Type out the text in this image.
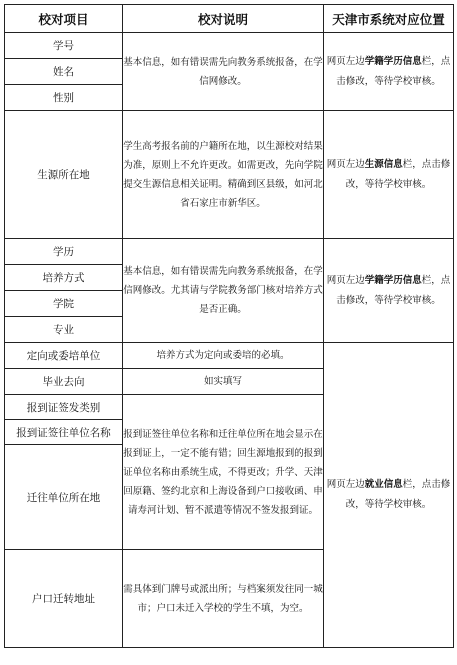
校对项目	校对说明	天津市系统对应位置
学号	基本信息，如有错误需先向教务系统报备，在学信网修改。	网页左边学籍学历信息栏，点击修改，等待学校审核。
姓名		
性别		
生源所在地	学生高考报名前的户籍所在地，以生源校对结果为准，原则上不允许更改。如需更改，先向学院提交生源信息相关证明。精确到区县级，如河北省石家庄市新华区。	网页左边生源信息栏，点击修改，等待学校审核。
学历	基本信息，如有错误需先向教务系统报备，在学信网修改。尤其请与学院教务部门核对培养方式是否正确。	网页左边学籍学历信息栏，点击修改，等待学校审核。
培养方式		
学院		
专业		
定向或委培单位	培养方式为定向或委培的必填。	网页左边就业信息栏，点击修改，等待学校审核。
毕业去向	如实填写	
报到证签发类别	报到证签往单位名称和迁往单位所在地会显示在报到证上，一定不能有错；回生源地报到的报到证单位名称由系统生成，不得更改；升学、天津回原籍、签约北京和上海设备到户口接收函、申请寿河计划、暂不派遣等情况不签发报到证。	
报到证签往单位名称		
迁往单位所在地		
户口迁转地址	需具体到门牌号或派出所；与档案须发往同一城市；户口未迁入学校的学生不填，为空。	
